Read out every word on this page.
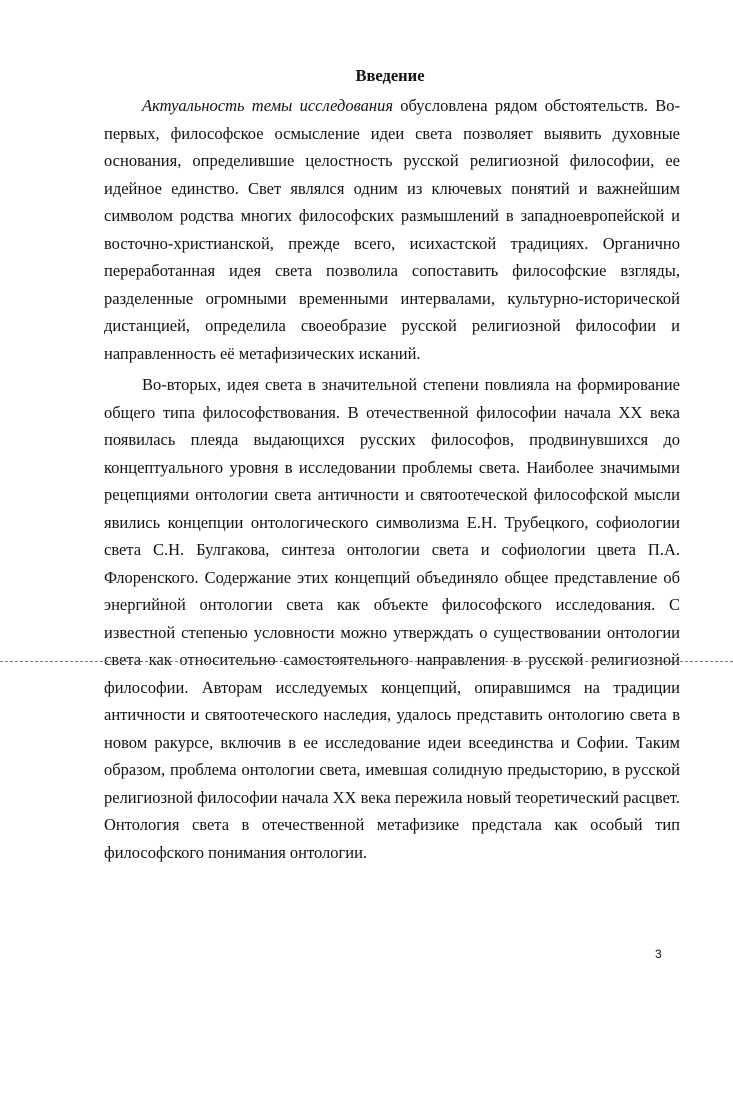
Введение

Актуальность темы исследования обусловлена рядом обстоятельств. Во-первых, философское осмысление идеи света позволяет выявить духовные основания, определившие целостность русской религиозной философии, ее идейное единство. Свет являлся одним из ключевых понятий и важнейшим символом родства многих философских размышлений в западноевропейской и восточно-христианской, прежде всего, исихастской традициях. Органично переработанная идея света позволила сопоставить философские взгляды, разделенные огромными временными интервалами, культурно-исторической дистанцией, определила своеобразие русской религиозной философии и направленность её метафизических исканий.

Во-вторых, идея света в значительной степени повлияла на формирование общего типа философствования. В отечественной философии начала XX века появилась плеяда выдающихся русских философов, продвинувшихся до концептуального уровня в исследовании проблемы света. Наиболее значимыми рецепциями онтологии света античности и святоотеческой философской мысли явились концепции онтологического символизма Е.Н. Трубецкого, софиологии света С.Н. Булгакова, синтеза онтологии света и софиологии цвета П.А. Флоренского. Содержание этих концепций объединяло общее представление об энергийной онтологии света как объекте философского исследования. С известной степенью условности можно утверждать о существовании онтологии света как относительно самостоятельного направления в русской религиозной философии. Авторам исследуемых концепций, опиравшимся на традиции античности и святоотеческого наследия, удалось представить онтологию света в новом ракурсе, включив в ее исследование идеи всеединства и Софии. Таким образом, проблема онтологии света, имевшая солидную предысторию, в русской религиозной философии начала XX века пережила новый теоретический расцвет. Онтология света в отечественной метафизике предстала как особый тип философского понимания онтологии.

3
